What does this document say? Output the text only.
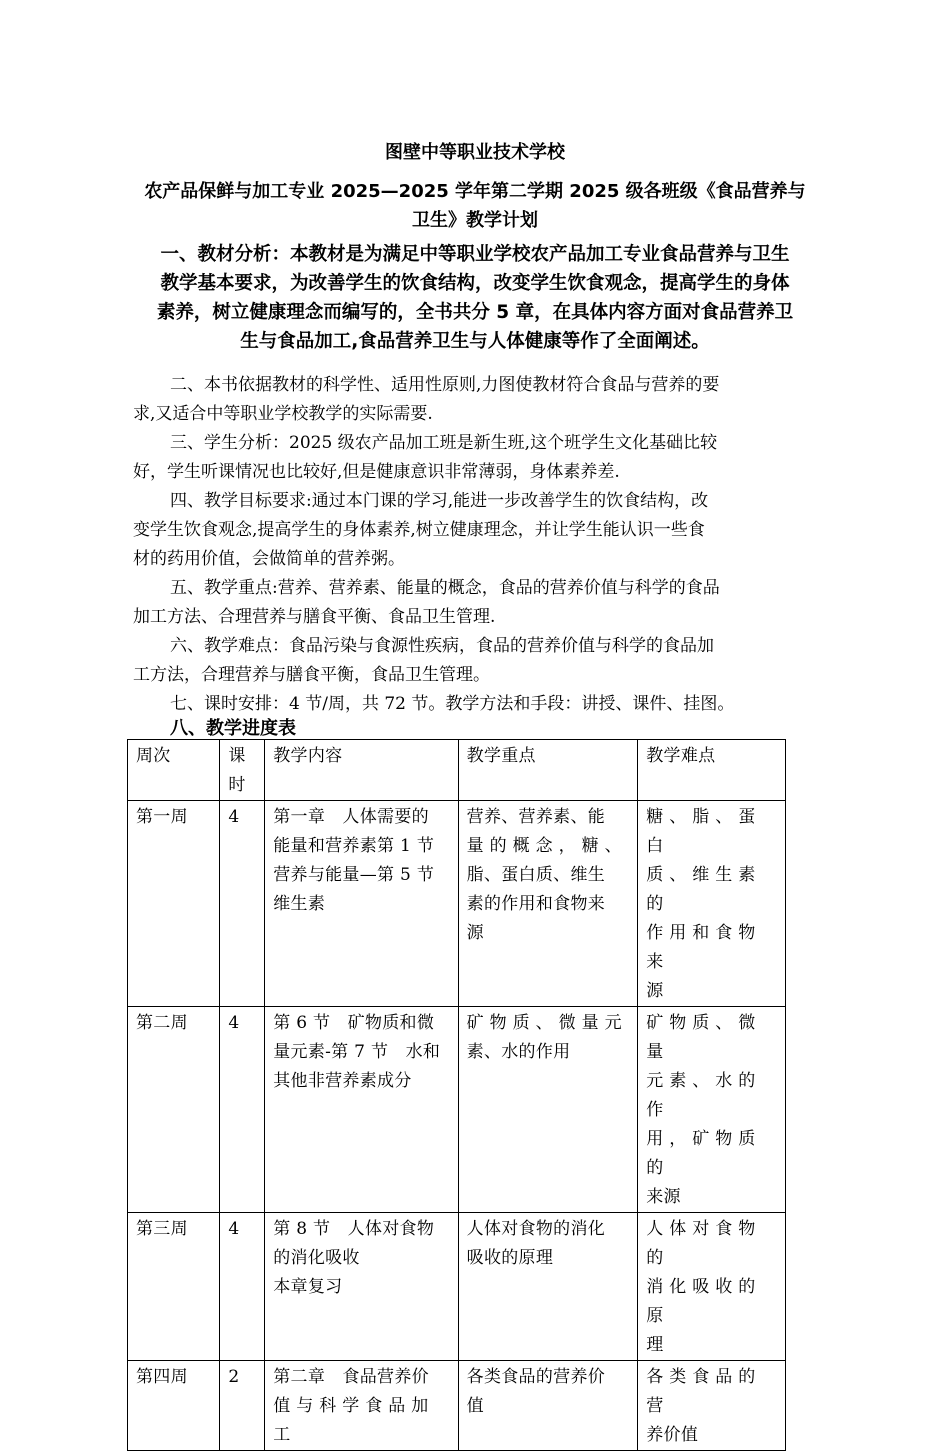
图壁中等职业技术学校
农产品保鲜与加工专业 2025—2025 学年第二学期 2025 级各班级《食品营养与
卫生》教学计划
一、教材分析：本教材是为满足中等职业学校农产品加工专业食品营养与卫生
教学基本要求，为改善学生的饮食结构，改变学生饮食观念，提高学生的身体
素养，树立健康理念而编写的，全书共分 5 章，在具体内容方面对食品营养卫
生与食品加工,食品营养卫生与人体健康等作了全面阐述。
二、本书依据教材的科学性、适用性原则,力图使教材符合食品与营养的要
求,又适合中等职业学校教学的实际需要.
三、学生分析：2025 级农产品加工班是新生班,这个班学生文化基础比较
好，学生听课情况也比较好,但是健康意识非常薄弱，身体素养差.
四、教学目标要求:通过本门课的学习,能进一步改善学生的饮食结构，改
变学生饮食观念,提高学生的身体素养,树立健康理念，并让学生能认识一些食
材的药用价值，会做简单的营养粥。
五、教学重点:营养、营养素、能量的概念，食品的营养价值与科学的食品
加工方法、合理营养与膳食平衡、食品卫生管理.
六、教学难点：食品污染与食源性疾病，食品的营养价值与科学的食品加
工方法，合理营养与膳食平衡，食品卫生管理。
七、课时安排：4 节/周，共 72 节。教学方法和手段：讲授、课件、挂图。
八、教学进度表
周次	课
时	教学内容	教学重点	教学难点

第一周	4	第一章　人体需要的
能量和营养素第 1 节
营养与能量—第 5 节
维生素	营养、营养素、能
量 的 概 念 ， 糖 、
脂、蛋白质、维生
素的作用和食物来
源	糖 、 脂 、 蛋 白
质 、 维 生 素 的
作 用 和 食 物 来
源

第二周	4	第 6 节　矿物质和微
量元素-第 7 节　水和
其他非营养素成分	矿 物 质 、 微 量 元
素、水的作用	矿 物 质 、 微 量
元 素 、 水 的 作
用 ， 矿 物 质 的
来源

第三周	4	第 8 节　人体对食物
的消化吸收
本章复习	人体对食物的消化
吸收的原理	人 体 对 食 物 的
消 化 吸 收 的 原
理

第四周	2	第二章　食品营养价
值 与 科 学 食 品 加 工	各类食品的营养价
值	各 类 食 品 的 营
养价值
